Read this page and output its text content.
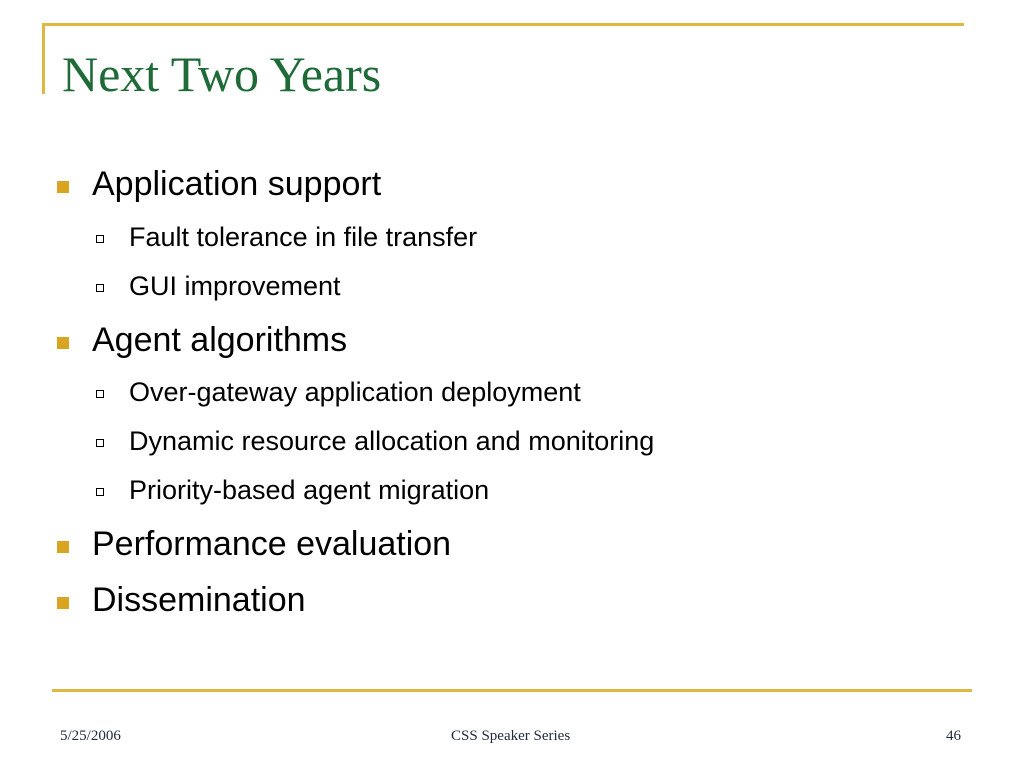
Next Two Years
Application support
Fault tolerance in file transfer
GUI improvement
Agent algorithms
Over-gateway application deployment
Dynamic resource allocation and monitoring
Priority-based agent migration
Performance evaluation
Dissemination
5/25/2006	CSS Speaker Series	46
